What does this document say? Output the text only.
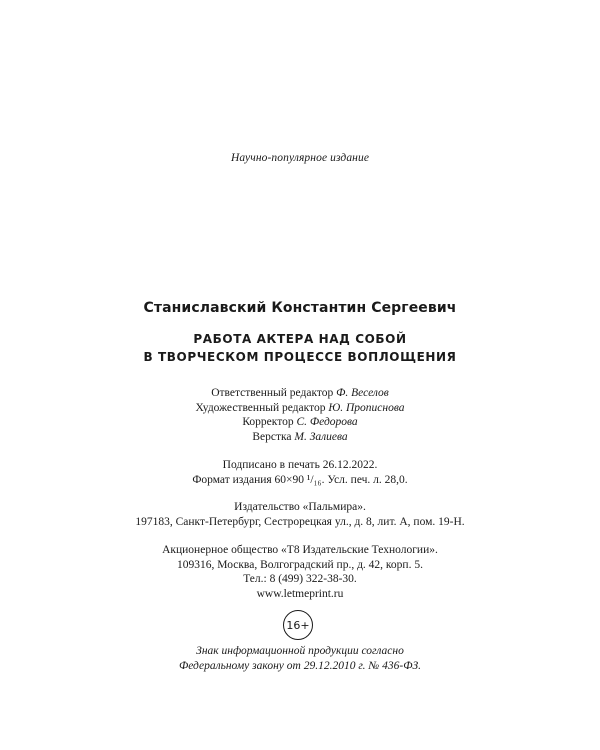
Научно-популярное издание
Станиславский Константин Сергеевич
РАБОТА АКТЕРА НАД СОБОЙ
В ТВОРЧЕСКОМ ПРОЦЕССЕ ВОПЛОЩЕНИЯ
Ответственный редактор Ф. Веселов
Художественный редактор Ю. Прописнова
Корректор С. Федорова
Верстка М. Залиева
Подписано в печать 26.12.2022.
Формат издания 60×90 ¹/₁₆. Усл. печ. л. 28,0.
Издательство «Пальмира».
197183, Санкт-Петербург, Сестрорецкая ул., д. 8, лит. А, пом. 19-Н.
Акционерное общество «Т8 Издательские Технологии».
109316, Москва, Волгоградский пр., д. 42, корп. 5.
Тел.: 8 (499) 322-38-30.
www.letmeprint.ru
16+
Знак информационной продукции согласно
Федеральному закону от 29.12.2010 г. № 436-ФЗ.
